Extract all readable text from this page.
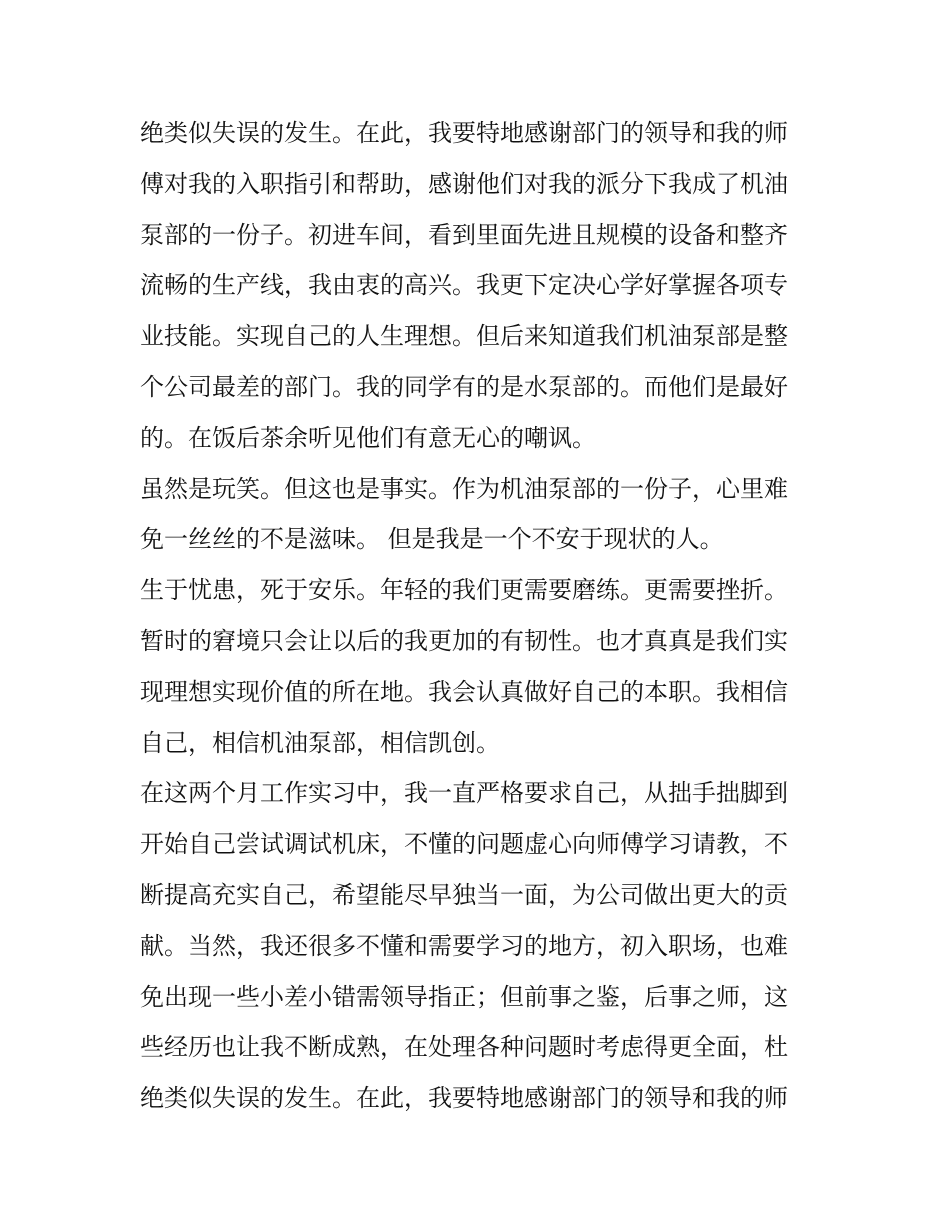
绝类似失误的发生。在此，我要特地感谢部门的领导和我的师
傅对我的入职指引和帮助，感谢他们对我的派分下我成了机油
泵部的一份子。初进车间，看到里面先进且规模的设备和整齐
流畅的生产线，我由衷的高兴。我更下定决心学好掌握各项专
业技能。实现自己的人生理想。但后来知道我们机油泵部是整
个公司最差的部门。我的同学有的是水泵部的。而他们是最好
的。在饭后茶余听见他们有意无心的嘲讽。
虽然是玩笑。但这也是事实。作为机油泵部的一份子，心里难
免一丝丝的不是滋味。 但是我是一个不安于现状的人。
生于忧患，死于安乐。年轻的我们更需要磨练。更需要挫折。
暂时的窘境只会让以后的我更加的有韧性。也才真真是我们实
现理想实现价值的所在地。我会认真做好自己的本职。我相信
自己，相信机油泵部，相信凯创。
在这两个月工作实习中，我一直严格要求自己，从拙手拙脚到
开始自己尝试调试机床，不懂的问题虚心向师傅学习请教，不
断提高充实自己，希望能尽早独当一面，为公司做出更大的贡
献。当然，我还很多不懂和需要学习的地方，初入职场，也难
免出现一些小差小错需领导指正；但前事之鉴，后事之师，这
些经历也让我不断成熟，在处理各种问题时考虑得更全面，杜
绝类似失误的发生。在此，我要特地感谢部门的领导和我的师
